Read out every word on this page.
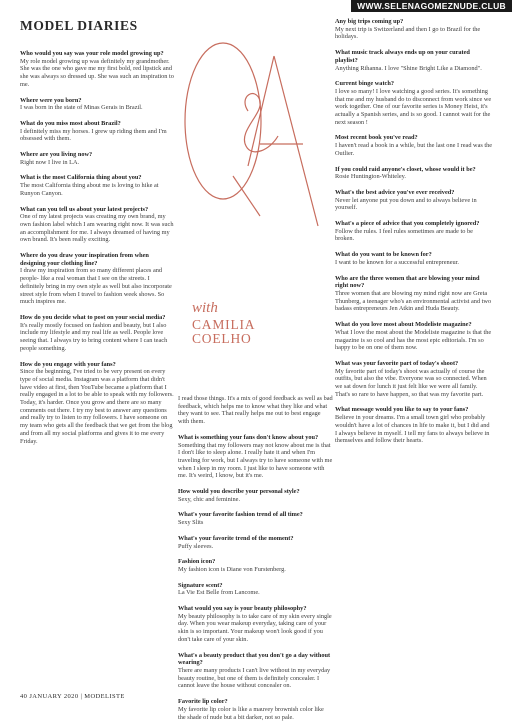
WWW.SELENAGOMEZNUDE.CLUB
MODEL DIARIES

Who would you say was your role model growing up?

My role model growing up was definitely my grandmother. She was the one who gave me my first bold, red lipstick and she was always so dressed up. She was such an inspiration to me.

Where were you born?

I was born in the state of Minas Gerais in Brazil.

What do you miss most about Brazil?

I definitely miss my horses. I grew up riding them and I'm obsessed with them.

Where are you living now?

Right now I live in LA.

What is the most California thing about you?

The most California thing about me is loving to hike at Runyon Canyon.

What can you tell us about your latest projects?

One of my latest projects was creating my own brand, my own fashion label which I am wearing right now. It was such an accomplishment for me. I always dreamed of having my own brand. It's been really exciting.

Where do you draw your inspiration from when designing your clothing line?

I draw my inspiration from so many different places and people- like a real woman that I see on the streets. I definitely bring in my own style as well but also incorporate street style from when I travel to fashion week shows. So much inspires me.

How do you decide what to post on your social media?

It's really mostly focused on fashion and beauty, but I also include my lifestyle and my real life as well. People love seeing that. I always try to bring content where I can teach people something.

How do you engage with your fans?

Since the beginning, I've tried to be very present on every type of social media. Instagram was a platform that didn't have video at first, then YouTube became a platform that I really engaged in a lot to be able to speak with my followers. Today, it's harder. Once you grow and there are so many comments out there. I try my best to answer any questions and really try to listen to my followers. I have someone on my team who gets all the feedback that we get from the blog and from all my social platforms and gives it to me every Friday.

with
CAMILIA
COELHO

I read those things. It's a mix of good feedback as well as bad feedback, which helps me to know what they like and what they want to see. That really helps me out to best engage with them.

What is something your fans don't know about you?

Something that my followers may not know about me is that I don't like to sleep alone. I really hate it and when I'm traveling for work, but I always try to have someone with me when I sleep in my room. I just like to have someone with me. It's weird, I know, but it's me.

How would you describe your personal style?

Sexy, chic and feminine.

What's your favorite fashion trend of all time?

Sexy Slits

What's your favorite trend of the moment?

Puffy sleeves.

Fashion icon?

My fashion icon is Diane von Furstenberg.

Signature scent?

La Vie Est Belle from Lancome.

What would you say is your beauty philosophy?

My beauty philosophy is to take care of my skin every single day. When you wear makeup everyday, taking care of your skin is so important. Your makeup won't look good if you don't take care of your skin.

What's a beauty product that you don't go a day without wearing?

There are many products I can't live without in my everyday beauty routine, but one of them is definitely concealer. I cannot leave the house without concealer on.

Favorite lip color?

My favorite lip color is like a mauvey brownish color like the shade of nude but a bit darker, not so pale.

Any big trips coming up?

My next trip is Switzerland and then I go to Brazil for the holidays.

What music track always ends up on your curated playlist?

Anything Rihanna. I love "Shine Bright Like a Diamond".

Current binge watch?

I love so many! I love watching a good series. It's something that me and my husband do to disconnect from work since we work together. One of our favorite series is Money Heist, it's actually a Spanish series, and is so good. I cannot wait for the next season !

Most recent book you've read?

I haven't read a book in a while, but the last one I read was the Outlier.

If you could raid anyone's closet, whose would it be?

Rosie Huntington-Whiteley.

What's the best advice you've ever received?

Never let anyone put you down and to always believe in yourself.

What's a piece of advice that you completely ignored?

Follow the rules. I feel rules sometimes are made to be broken.

What do you want to be known for?

I want to be known for a successful entrepreneur.

Who are the three women that are blowing your mind right now?

Three women that are blowing my mind right now are Greta Thunberg, a teenager who's an environmental activist and two badass entrepreneurs Jen Atkin and Huda Beauty.

What do you love most about Modeliste magazine?

What I love the most about the Modeliste magazine is that the magazine is so cool and has the most epic editorials. I'm so happy to be on one of them now.

What was your favorite part of today's shoot?

My favorite part of today's shoot was actually of course the outfits, but also the vibe. Everyone was so connected. When we sat down for lunch it just felt like we were all family. That's so rare to have happen, so that was my favorite part.

What message would you like to say to your fans?

Believe in your dreams. I'm a small town girl who probably wouldn't have a lot of chances in life to make it, but I did and I always believe in myself. I tell my fans to always believe in themselves and follow their hearts.

40 JANUARY 2020 | MODELISTE
